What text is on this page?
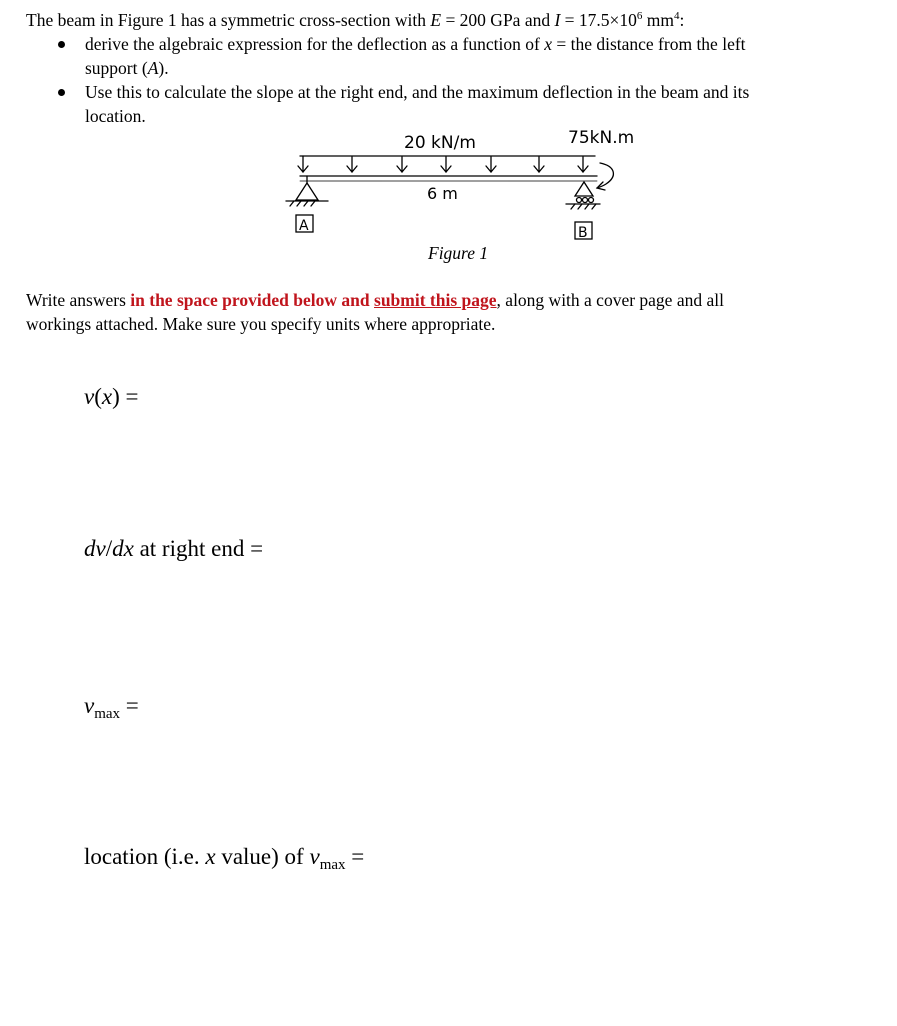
The beam in Figure 1 has a symmetric cross-section with E = 200 GPa and $I = 17.5\times 10^6$ $mm^4$:
derive the algebraic expression for the deflection as a function of x = the distance from the left
support (A).
Use this to calculate the slope at the right end, and the maximum deflection in the beam and its
location.
20 kN/m	75kN.m
6 m
A	B
Figure 1
Write answers in the space provided below and submit this page, along with a cover page and all
workings attached. Make sure you specify units where appropriate.
v(x) =
dv/dx at right end =
$v_{max}$ =
location (i.e. x value) of $v_{max}$ =
